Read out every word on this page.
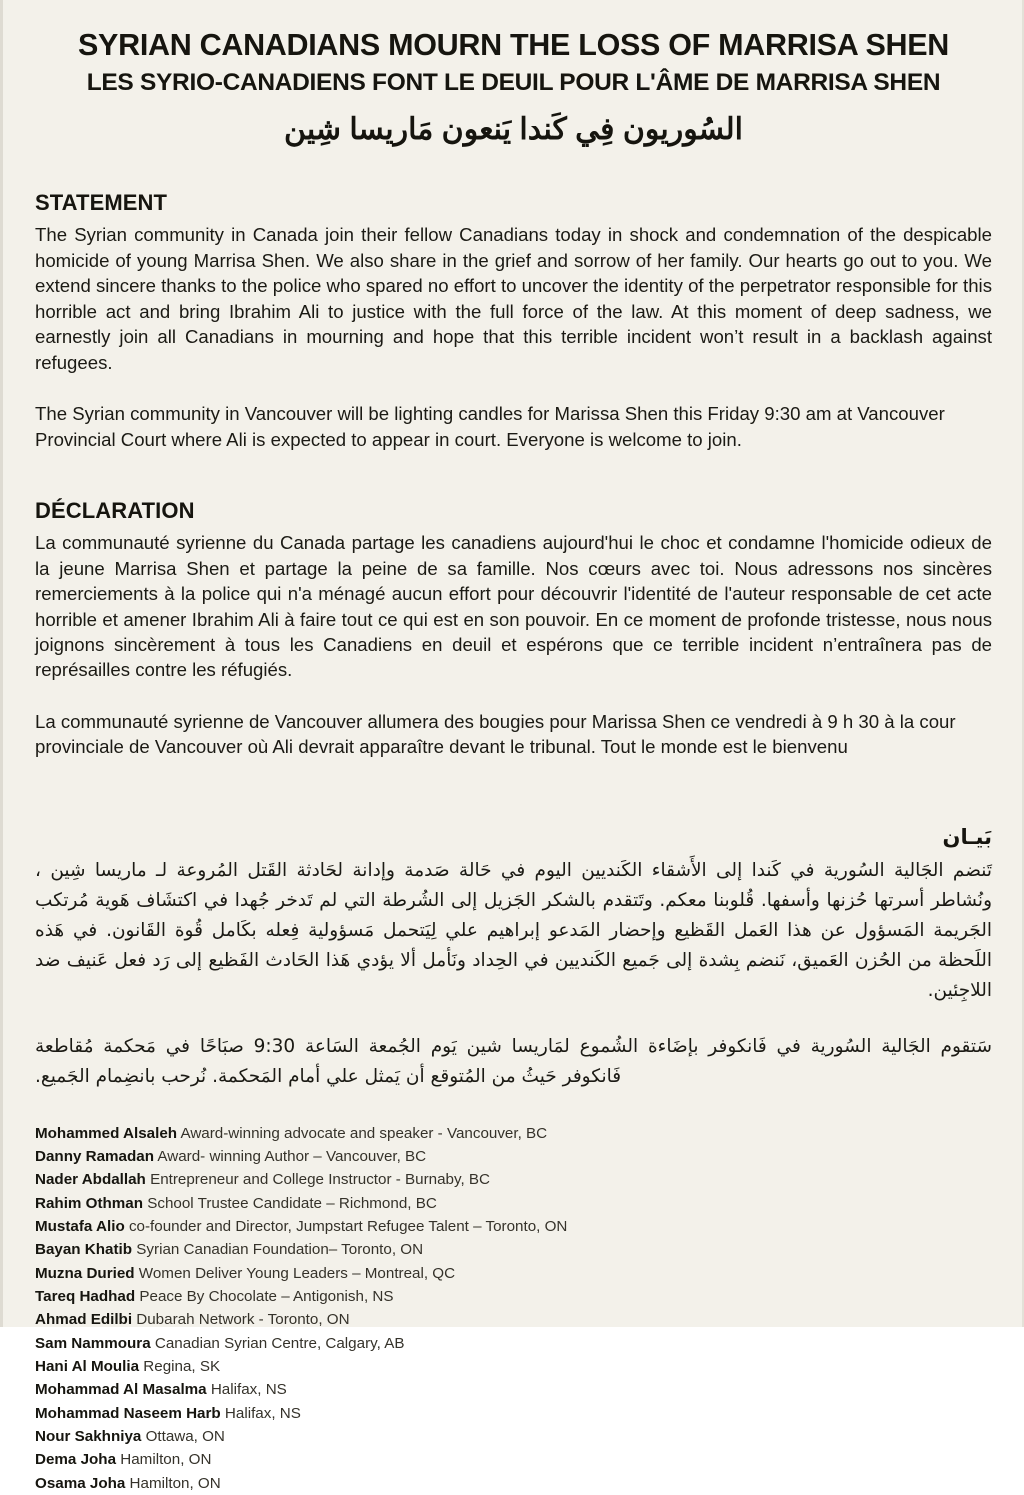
SYRIAN CANADIANS MOURN THE LOSS OF MARRISA SHEN
LES SYRIO-CANADIENS FONT LE DEUIL POUR L'ÂME DE MARRISA SHEN
السُوريون فِي كَندا يَنعون مَاريسا شِين
STATEMENT

The Syrian community in Canada join their fellow Canadians today in shock and condemnation of the despicable homicide of young Marrisa Shen. We also share in the grief and sorrow of her family. Our hearts go out to you. We extend sincere thanks to the police who spared no effort to uncover the identity of the perpetrator responsible for this horrible act and bring Ibrahim Ali to justice with the full force of the law. At this moment of deep sadness, we earnestly join all Canadians in mourning and hope that this terrible incident won’t result in a backlash against refugees.

The Syrian community in Vancouver will be lighting candles for Marissa Shen this Friday 9:30 am at Vancouver Provincial Court where Ali is expected to appear in court. Everyone is welcome to join.

DÉCLARATION

La communauté syrienne du Canada partage les canadiens aujourd'hui le choc et condamne l'homicide odieux de la jeune Marrisa Shen et partage la peine de sa famille. Nos cœurs avec toi. Nous adressons nos sincères remerciements à la police qui n'a ménagé aucun effort pour découvrir l'identité de l'auteur responsable de cet acte horrible et amener Ibrahim Ali à faire tout ce qui est en son pouvoir. En ce moment de profonde tristesse, nous nous joignons sincèrement à tous les Canadiens en deuil et espérons que ce terrible incident n’entraînera pas de représailles contre les réfugiés.

La communauté syrienne de Vancouver allumera des bougies pour Marissa Shen ce vendredi à 9 h 30 à la cour provinciale de Vancouver où Ali devrait apparaître devant le tribunal. Tout le monde est le bienvenu

بَيـان

تَنضم الجَالية السُورية في كَندا إلى الأَشقاء الكَنديين اليوم في حَالة صَدمة وإدانة لحَادثة القَتل المُروعة لـ ماريسا شِين ، ونُشاطر أسرتها حُزنها وأسفها. قُلوبنا معكم. وتَتقدم بالشكر الجَزيل إلى الشُرطة التي لم تَدخر جُهدا في اكتشَاف هَوية مُرتكب الجَريمة المَسؤول عن هذا العَمل القَظيع وإحضار المَدعو إبراهيم علي لِيَتحمل مَسؤولية فِعله بكَامل قُوة القَانون. في هَذه اللَحظة من الحُزن العَميق، نَنضم بِشدة إلى جَميع الكَنديين في الحِداد ونَأمل ألا يؤدي هَذا الحَادث الفَظيع إلى رَد فعل عَنيف ضد اللاجِئين.

سَتقوم الجَالية السُورية في فَانكوفر بإضَاءة الشُموع لمَاريسا شين يَوم الجُمعة السَاعة 9:30 صبَاحًا في مَحكمة مُقاطعة فَانكوفر حَيثُ من المُتوقع أن يَمثل علي أمام المَحكمة. نُرحب بانضِمام الجَميع.

Mohammed Alsaleh Award-winning advocate and speaker - Vancouver, BC
Danny Ramadan Award- winning Author – Vancouver, BC
Nader Abdallah Entrepreneur and College Instructor - Burnaby, BC
Rahim Othman School Trustee Candidate – Richmond, BC
Mustafa Alio co-founder and Director, Jumpstart Refugee Talent – Toronto, ON
Bayan Khatib Syrian Canadian Foundation– Toronto, ON
Muzna Duried Women Deliver Young Leaders – Montreal, QC
Tareq Hadhad Peace By Chocolate – Antigonish, NS
Ahmad Edilbi Dubarah Network - Toronto, ON
Sam Nammoura Canadian Syrian Centre, Calgary, AB
Hani Al Moulia Regina, SK
Mohammad Al Masalma Halifax, NS
Mohammad Naseem Harb Halifax, NS
Nour Sakhniya Ottawa, ON
Dema Joha Hamilton, ON
Osama Joha Hamilton, ON
